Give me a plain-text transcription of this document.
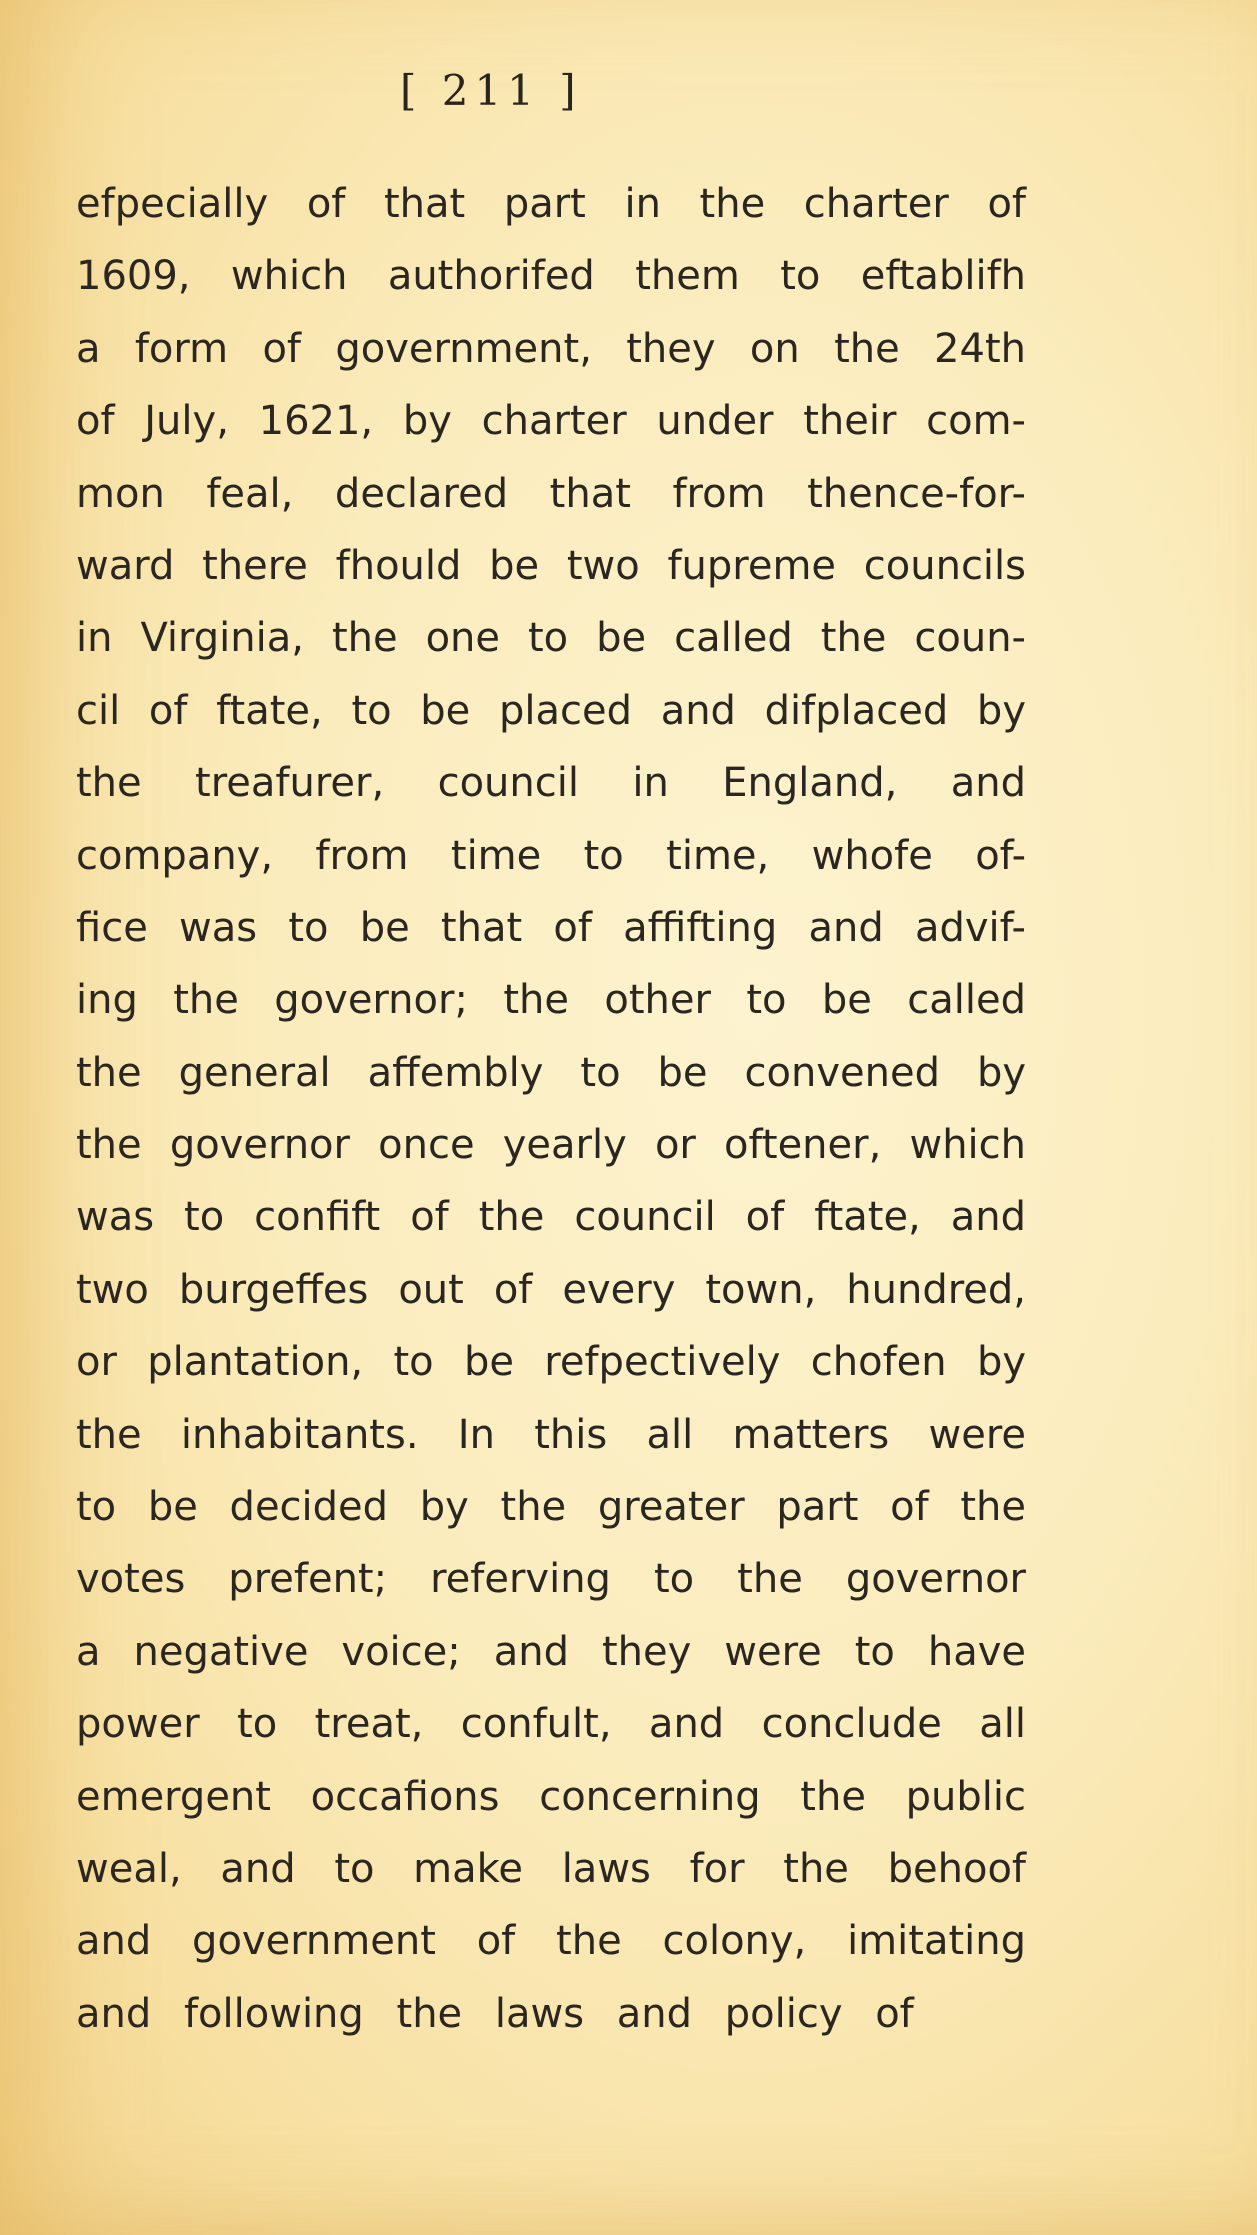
[ 211 ]
efpecially of that part in the charter of
1609, which authorifed them to eftablifh
a form of government, they on the 24th
of July, 1621, by charter under their com-
mon feal, declared that from thence-for-
ward there fhould be two fupreme councils
in Virginia, the one to be called the coun-
cil of ftate, to be placed and difplaced by
the treafurer, council in England, and
company, from time to time, whofe of-
fice was to be that of affifting and advif-
ing the governor; the other to be called
the general affembly to be convened by
the governor once yearly or oftener, which
was to confift of the council of ftate, and
two burgeffes out of every town, hundred,
or plantation, to be refpectively chofen by
the inhabitants. In this all matters were
to be decided by the greater part of the
votes prefent; referving to the governor
a negative voice; and they were to have
power to treat, confult, and conclude all
emergent occafions concerning the public
weal, and to make laws for the behoof
and government of the colony, imitating
and following the laws and policy of
